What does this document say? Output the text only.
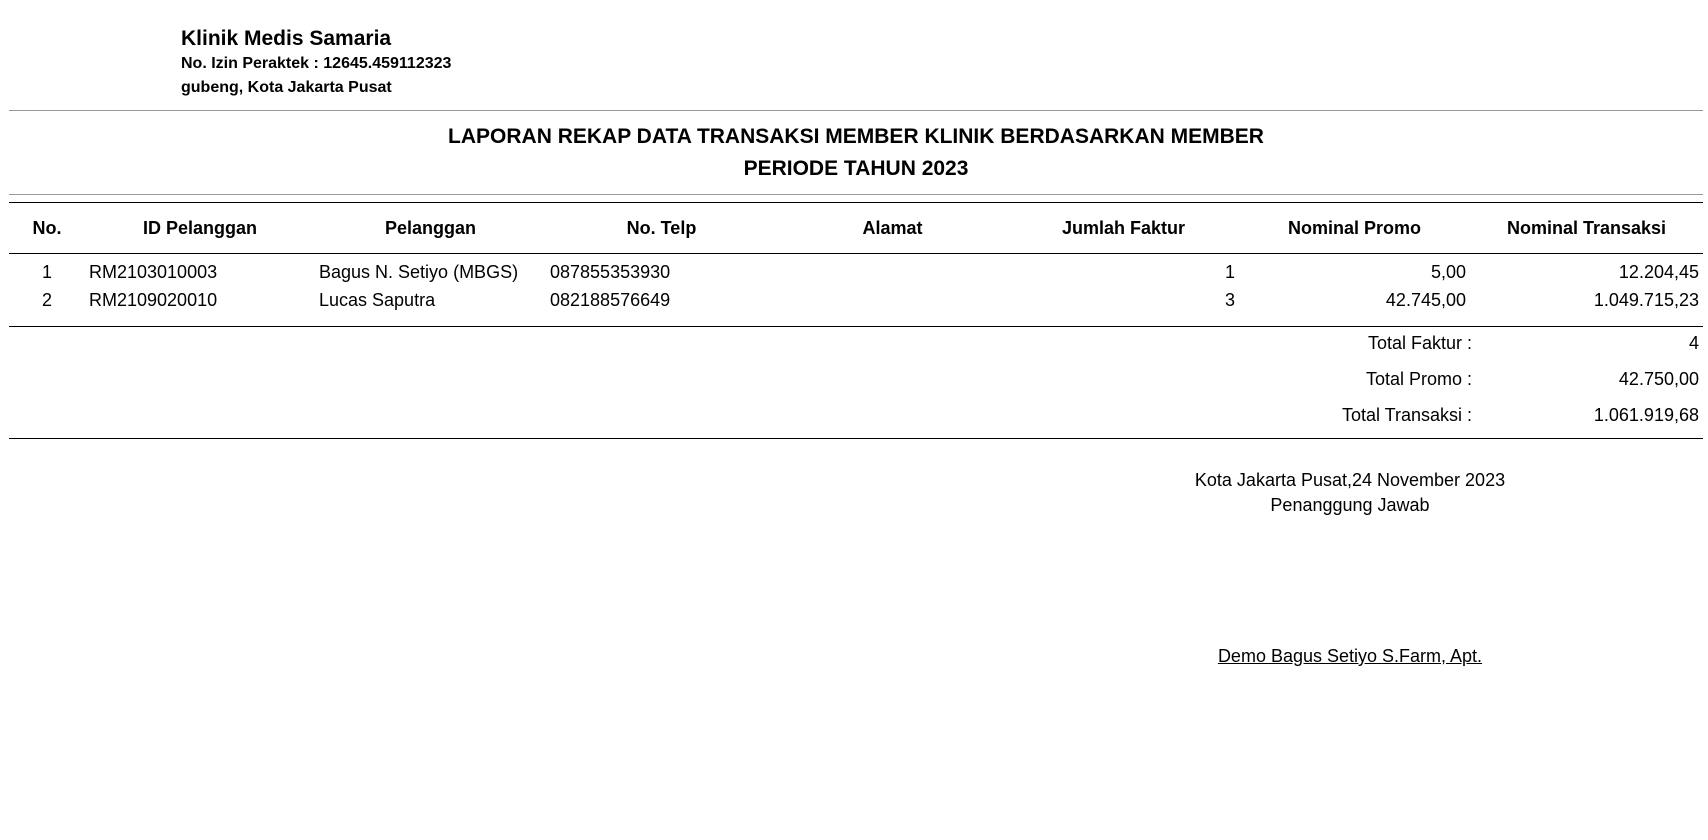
Klinik Medis Samaria
No. Izin Peraktek : 12645.459112323
gubeng, Kota Jakarta Pusat
LAPORAN REKAP DATA TRANSAKSI MEMBER KLINIK BERDASARKAN MEMBER
PERIODE TAHUN 2023
No.	ID Pelanggan	Pelanggan	No. Telp	Alamat	Jumlah Faktur	Nominal Promo	Nominal Transaksi
1	RM2103010003	Bagus N. Setiyo (MBGS)	087855353930		1	5,00	12.204,45
2	RM2109020010	Lucas Saputra	082188576649		3	42.745,00	1.049.715,23
Total Faktur :	4
Total Promo :	42.750,00
Total Transaksi :	1.061.919,68
Kota Jakarta Pusat,24 November 2023
Penanggung Jawab
Demo Bagus Setiyo S.Farm, Apt.
